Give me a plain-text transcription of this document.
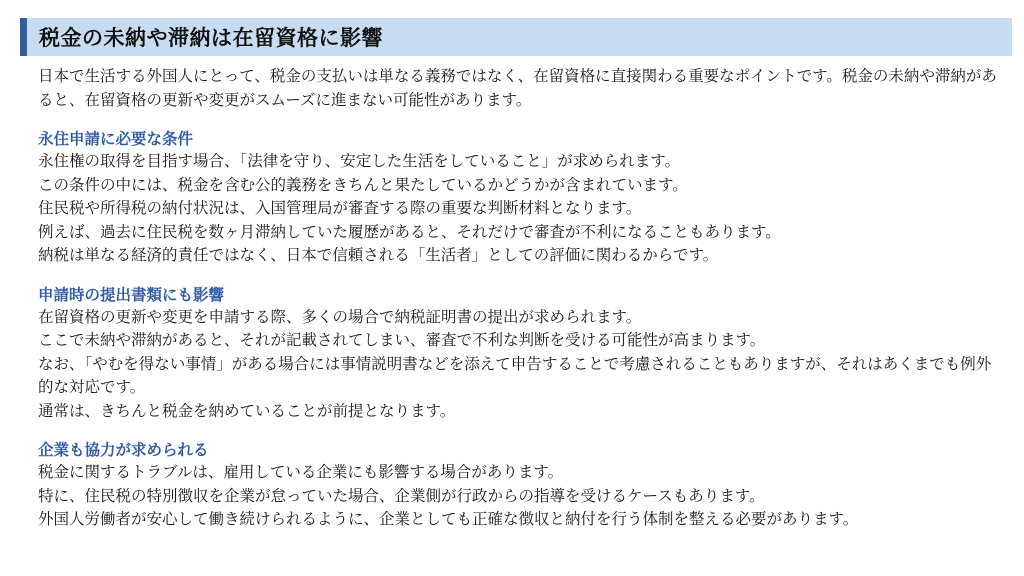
税金の未納や滞納は在留資格に影響

日本で生活する外国人にとって、税金の支払いは単なる義務ではなく、在留資格に直接関わる重要なポイントです。税金の未納や滞納があると、在留資格の更新や変更がスムーズに進まない可能性があります。

永住申請に必要な条件

永住権の取得を目指す場合、「法律を守り、安定した生活をしていること」が求められます。

この条件の中には、税金を含む公的義務をきちんと果たしているかどうかが含まれています。

住民税や所得税の納付状況は、入国管理局が審査する際の重要な判断材料となります。

例えば、過去に住民税を数ヶ月滞納していた履歴があると、それだけで審査が不利になることもあります。

納税は単なる経済的責任ではなく、日本で信頼される「生活者」としての評価に関わるからです。

申請時の提出書類にも影響

在留資格の更新や変更を申請する際、多くの場合で納税証明書の提出が求められます。

ここで未納や滞納があると、それが記載されてしまい、審査で不利な判断を受ける可能性が高まります。

なお、「やむを得ない事情」がある場合には事情説明書などを添えて申告することで考慮されることもありますが、それはあくまでも例外的な対応です。

通常は、きちんと税金を納めていることが前提となります。

企業も協力が求められる

税金に関するトラブルは、雇用している企業にも影響する場合があります。

特に、住民税の特別徴収を企業が怠っていた場合、企業側が行政からの指導を受けるケースもあります。

外国人労働者が安心して働き続けられるように、企業としても正確な徴収と納付を行う体制を整える必要があります。
